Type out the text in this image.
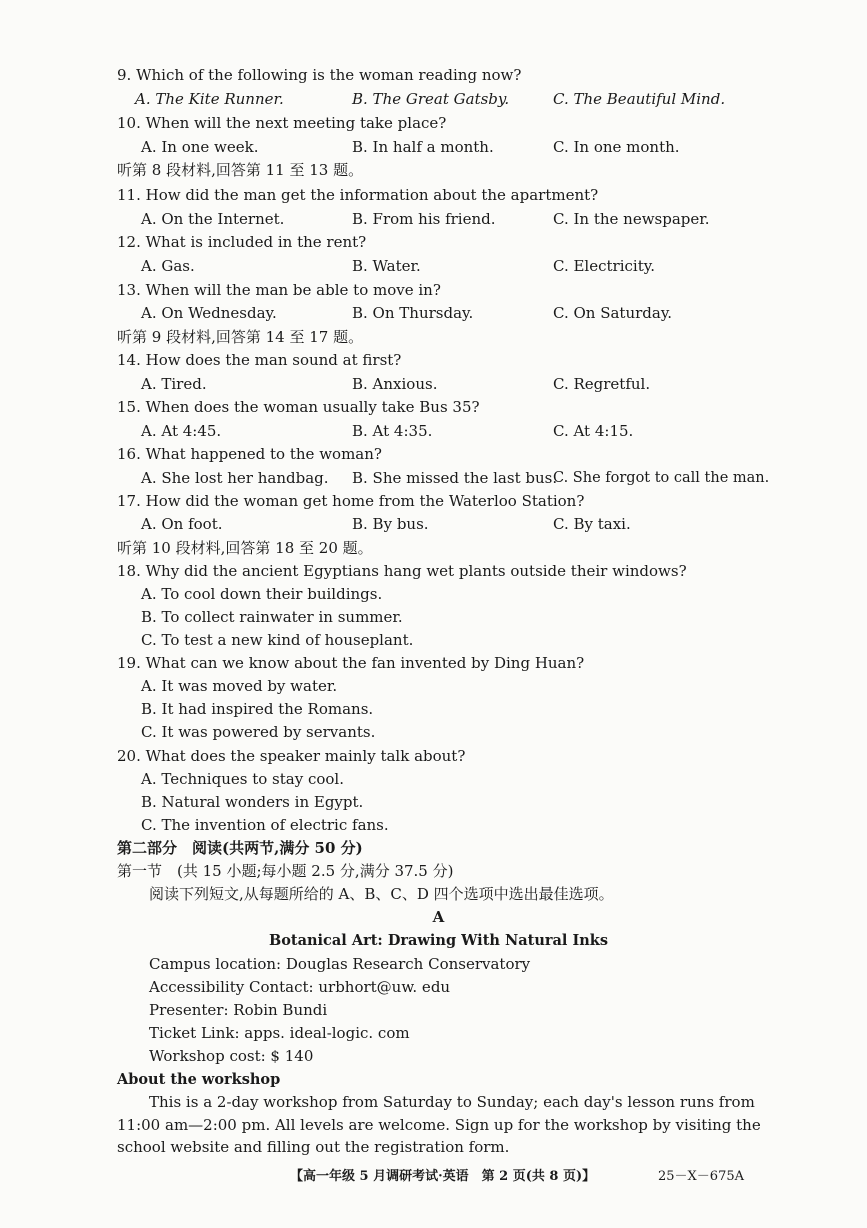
9. Which of the following is the woman reading now?
A. The Kite Runner.	B. The Great Gatsby.	C. The Beautiful Mind.
10. When will the next meeting take place?
A. In one week.	B. In half a month.	C. In one month.
听第 8 段材料,回答第 11 至 13 题。
11. How did the man get the information about the apartment?
A. On the Internet.	B. From his friend.	C. In the newspaper.
12. What is included in the rent?
A. Gas.	B. Water.	C. Electricity.
13. When will the man be able to move in?
A. On Wednesday.	B. On Thursday.	C. On Saturday.
听第 9 段材料,回答第 14 至 17 题。
14. How does the man sound at first?
A. Tired.	B. Anxious.	C. Regretful.
15. When does the woman usually take Bus 35?
A. At 4:45.	B. At 4:35.	C. At 4:15.
16. What happened to the woman?
A. She lost her handbag. B. She missed the last bus.
C. She forgot to call the man.
17. How did the woman get home from the Waterloo Station?
A. On foot.	B. By bus.	C. By taxi.
听第 10 段材料,回答第 18 至 20 题。
18. Why did the ancient Egyptians hang wet plants outside their windows?
A. To cool down their buildings.
B. To collect rainwater in summer.
C. To test a new kind of houseplant.
19. What can we know about the fan invented by Ding Huan?
A. It was moved by water.
B. It had inspired the Romans.
C. It was powered by servants.
20. What does the speaker mainly talk about?
A. Techniques to stay cool.
B. Natural wonders in Egypt.
C. The invention of electric fans.
第二部分　阅读(共两节,满分 50 分)
第一节　(共 15 小题;每小题 2.5 分,满分 37.5 分)
阅读下列短文,从每题所给的 A、B、C、D 四个选项中选出最佳选项。
A
Botanical Art: Drawing With Natural Inks
Campus location: Douglas Research Conservatory
Accessibility Contact: urbhort@uw. edu
Presenter: Robin Bundi
Ticket Link: apps. ideal-logic. com
Workshop cost: $ 140
About the workshop
This is a 2-day workshop from Saturday to Sunday; each day's lesson runs from 11:00 am—2:00 pm. All levels are welcome. Sign up for the workshop by visiting the school website and filling out the registration form.
【高一年级 5 月调研考试·英语　第 2 页(共 8 页)】	25－X－675A
